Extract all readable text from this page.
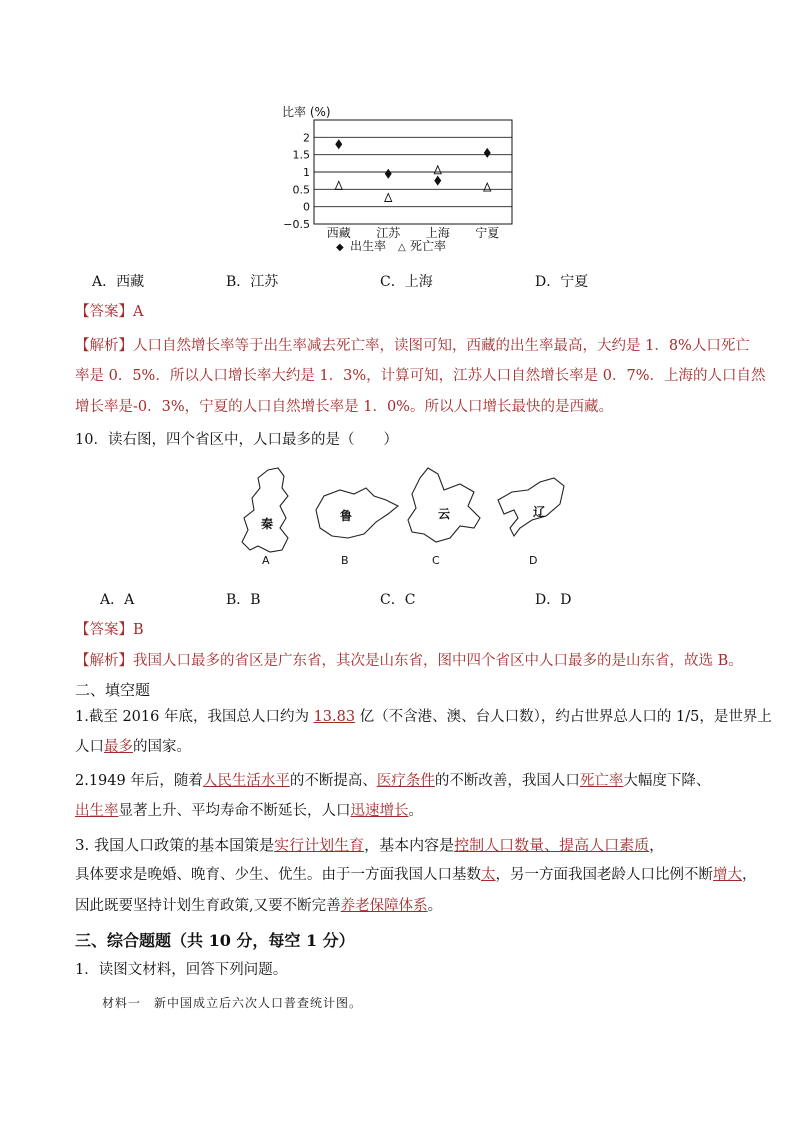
比率 (%)
2
1.5
1
0.5
0
−0.5
西藏 江苏 上海 宁夏
◆ 出生率 △ 死亡率
A．西藏	B．江苏	C．上海	D．宁夏
【答案】A
【解析】人口自然增长率等于出生率减去死亡率，读图可知，西藏的出生率最高，大约是 1．8%人口死亡
率是 0．5%．所以人口增长率大约是 1．3%，计算可知，江苏人口自然增长率是 0．7%．上海的人口自然
增长率是-0．3%，宁夏的人口自然增长率是 1．0%。所以人口增长最快的是西藏。
10．读右图，四个省区中，人口最多的是（　　）
秦
鲁	云	辽
A	B	C	D
A．A	B．B	C．C	D．D
【答案】B
【解析】我国人口最多的省区是广东省，其次是山东省，图中四个省区中人口最多的是山东省，故选 B。
二、填空题
1.截至 2016 年底，我国总人口约为 13.83 亿（不含港、澳、台人口数），约占世界总人口的 1/5，是世界上
人口最多的国家。
2.1949 年后，随着人民生活水平的不断提高、医疗条件的不断改善，我国人口死亡率大幅度下降、
出生率显著上升、平均寿命不断延长，人口迅速增长。
3. 我国人口政策的基本国策是实行计划生育，基本内容是控制人口数量、提高人口素质，
具体要求是晚婚、晚育、少生、优生。由于一方面我国人口基数太，另一方面我国老龄人口比例不断增大，
因此既要坚持计划生育政策,又要不断完善养老保障体系。
三、综合题题（共 10 分，每空 1 分）
1．读图文材料，回答下列问题。
材料一　新中国成立后六次人口普查统计图。
